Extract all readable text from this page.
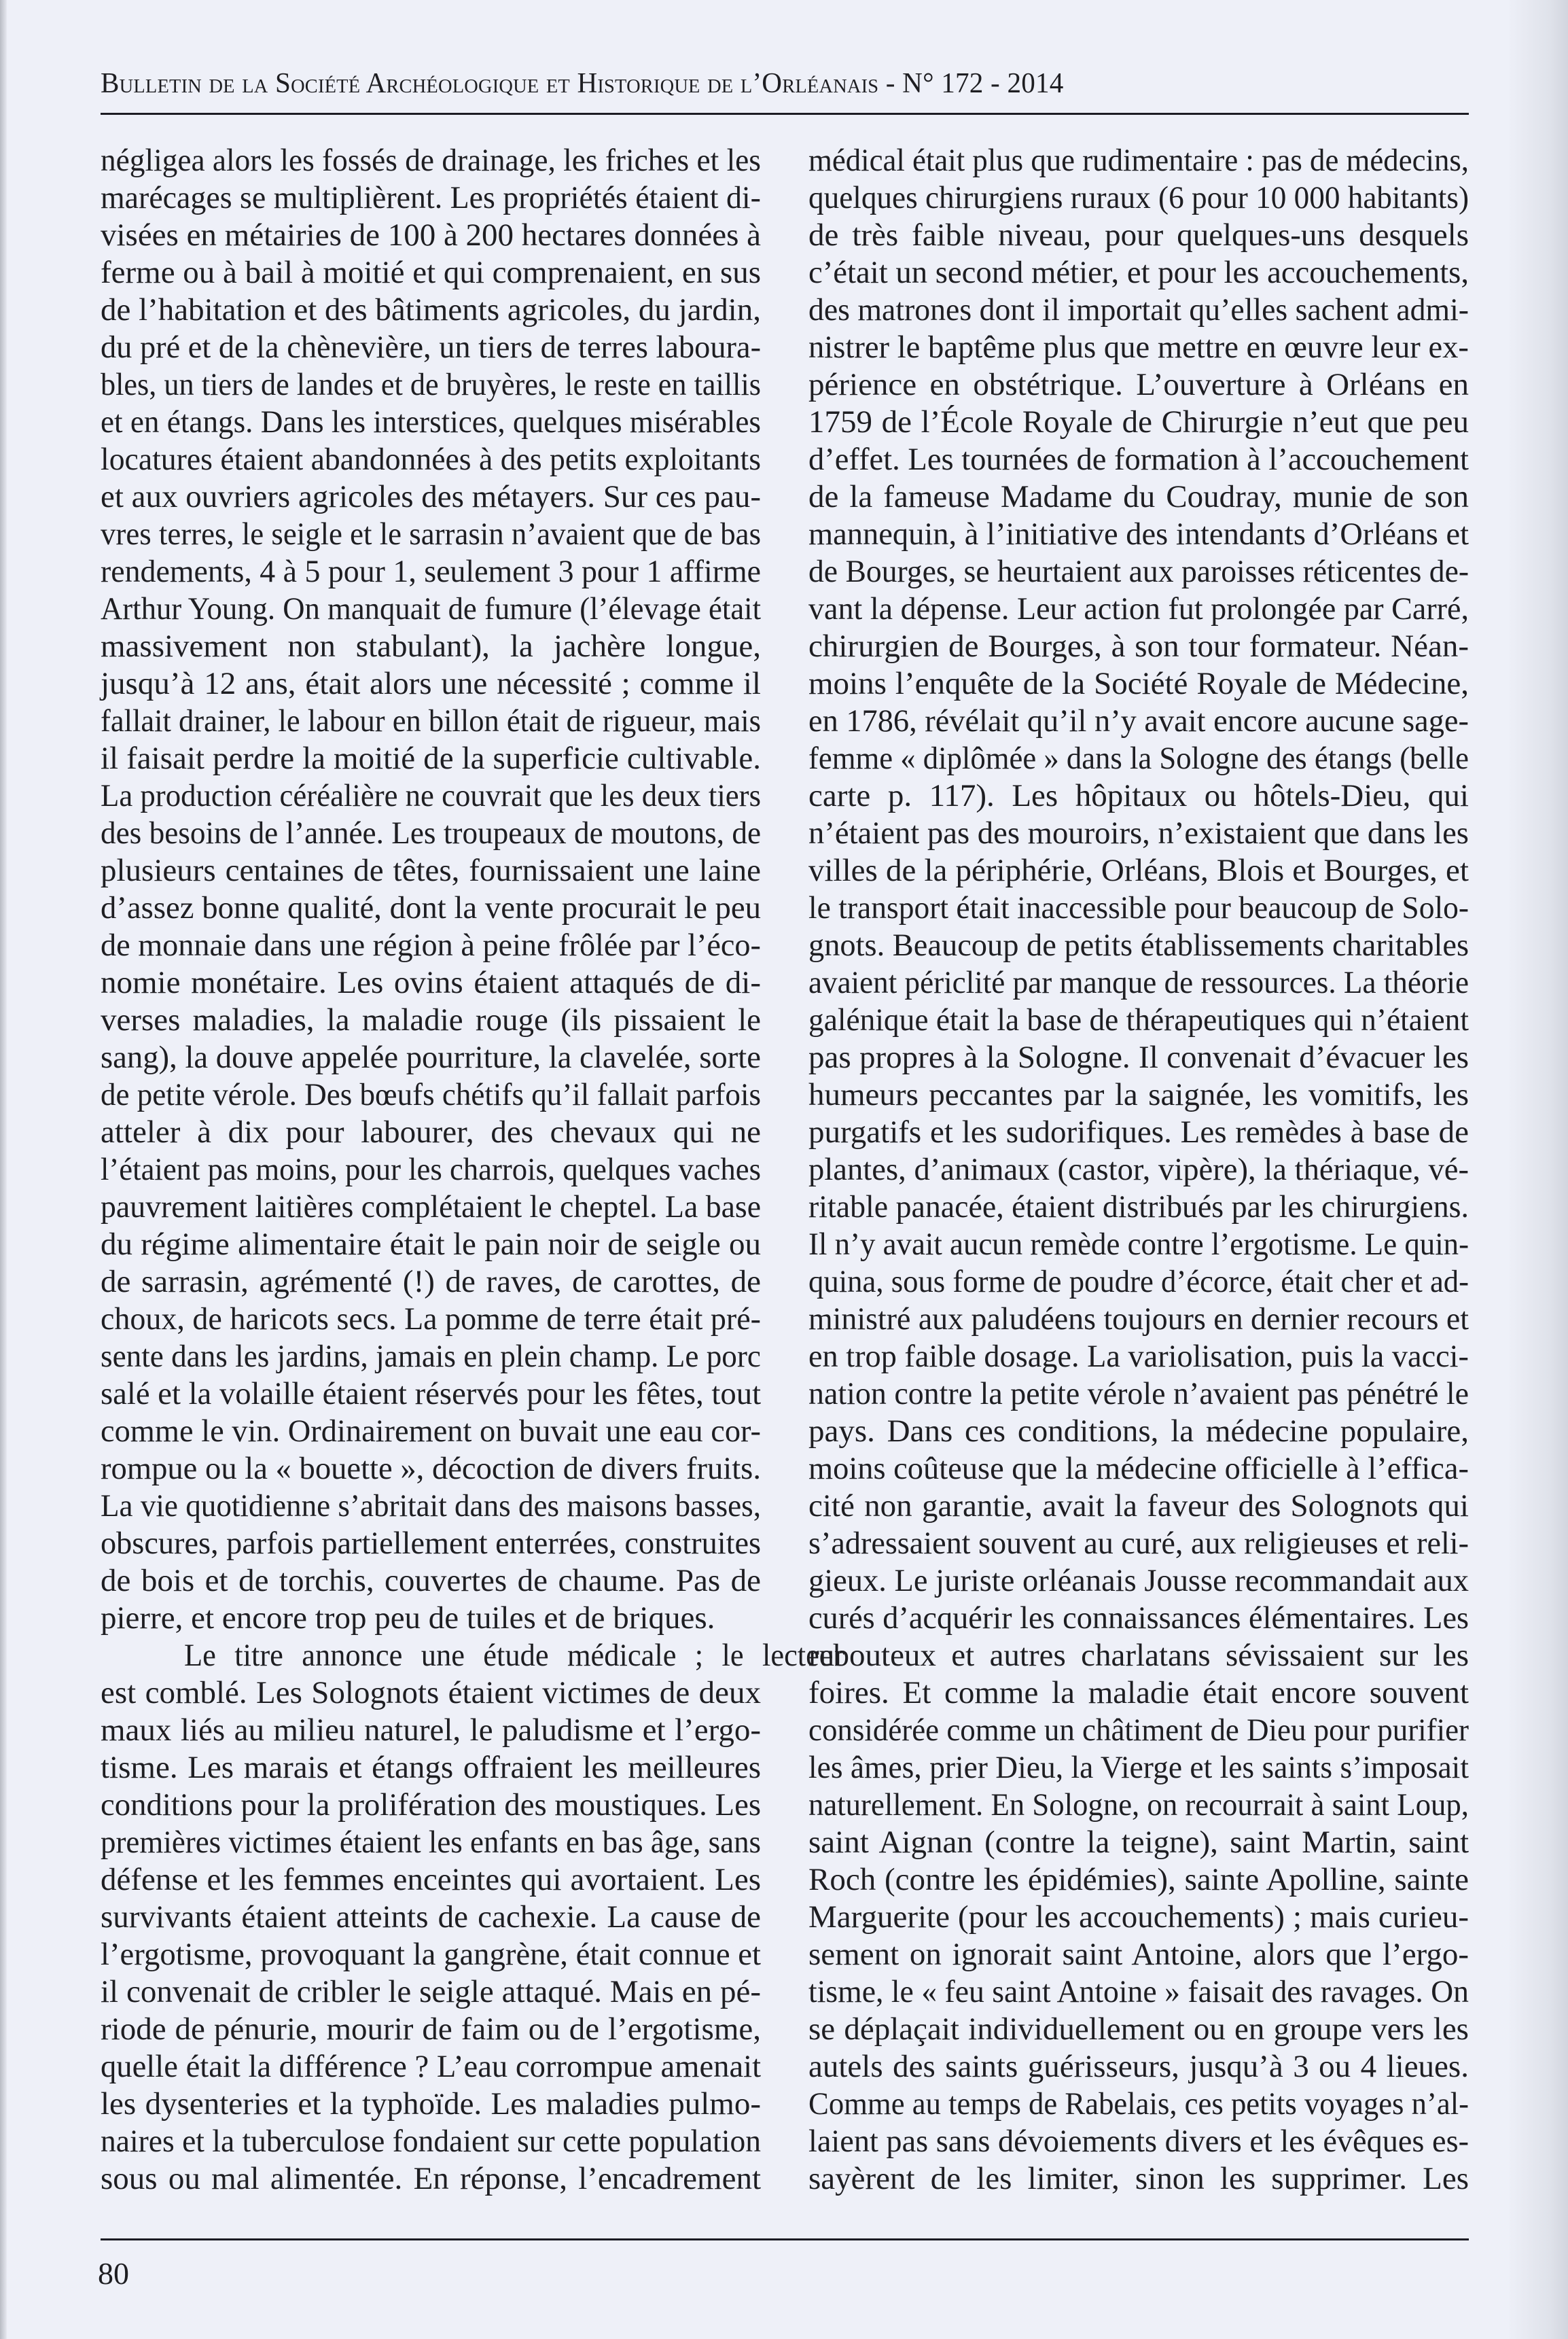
Bulletin de la Société Archéologique et Historique de l’Orléanais - N° 172 - 2014
négligea alors les fossés de drainage, les friches et les
marécages se multiplièrent. Les propriétés étaient di-
visées en métairies de 100 à 200 hectares données à
ferme ou à bail à moitié et qui comprenaient, en sus
de l’habitation et des bâtiments agricoles, du jardin,
du pré et de la chènevière, un tiers de terres laboura-
bles, un tiers de landes et de bruyères, le reste en taillis
et en étangs. Dans les interstices, quelques misérables
locatures étaient abandonnées à des petits exploitants
et aux ouvriers agricoles des métayers. Sur ces pau-
vres terres, le seigle et le sarrasin n’avaient que de bas
rendements, 4 à 5 pour 1, seulement 3 pour 1 affirme
Arthur Young. On manquait de fumure (l’élevage était
massivement non stabulant), la jachère longue,
jusqu’à 12 ans, était alors une nécessité ; comme il
fallait drainer, le labour en billon était de rigueur, mais
il faisait perdre la moitié de la superficie cultivable.
La production céréalière ne couvrait que les deux tiers
des besoins de l’année. Les troupeaux de moutons, de
plusieurs centaines de têtes, fournissaient une laine
d’assez bonne qualité, dont la vente procurait le peu
de monnaie dans une région à peine frôlée par l’éco-
nomie monétaire. Les ovins étaient attaqués de di-
verses maladies, la maladie rouge (ils pissaient le
sang), la douve appelée pourriture, la clavelée, sorte
de petite vérole. Des bœufs chétifs qu’il fallait parfois
atteler à dix pour labourer, des chevaux qui ne
l’étaient pas moins, pour les charrois, quelques vaches
pauvrement laitières complétaient le cheptel. La base
du régime alimentaire était le pain noir de seigle ou
de sarrasin, agrémenté (!) de raves, de carottes, de
choux, de haricots secs. La pomme de terre était pré-
sente dans les jardins, jamais en plein champ. Le porc
salé et la volaille étaient réservés pour les fêtes, tout
comme le vin. Ordinairement on buvait une eau cor-
rompue ou la « bouette », décoction de divers fruits.
La vie quotidienne s’abritait dans des maisons basses,
obscures, parfois partiellement enterrées, construites
de bois et de torchis, couvertes de chaume. Pas de
pierre, et encore trop peu de tuiles et de briques.
Le titre annonce une étude médicale ; le lecteur
est comblé. Les Solognots étaient victimes de deux
maux liés au milieu naturel, le paludisme et l’ergo-
tisme. Les marais et étangs offraient les meilleures
conditions pour la prolifération des moustiques. Les
premières victimes étaient les enfants en bas âge, sans
défense et les femmes enceintes qui avortaient. Les
survivants étaient atteints de cachexie. La cause de
l’ergotisme, provoquant la gangrène, était connue et
il convenait de cribler le seigle attaqué. Mais en pé-
riode de pénurie, mourir de faim ou de l’ergotisme,
quelle était la différence ? L’eau corrompue amenait
les dysenteries et la typhoïde. Les maladies pulmo-
naires et la tuberculose fondaient sur cette population
sous ou mal alimentée. En réponse, l’encadrement
médical était plus que rudimentaire : pas de médecins,
quelques chirurgiens ruraux (6 pour 10 000 habitants)
de très faible niveau, pour quelques-uns desquels
c’était un second métier, et pour les accouchements,
des matrones dont il importait qu’elles sachent admi-
nistrer le baptême plus que mettre en œuvre leur ex-
périence en obstétrique. L’ouverture à Orléans en
1759 de l’École Royale de Chirurgie n’eut que peu
d’effet. Les tournées de formation à l’accouchement
de la fameuse Madame du Coudray, munie de son
mannequin, à l’initiative des intendants d’Orléans et
de Bourges, se heurtaient aux paroisses réticentes de-
vant la dépense. Leur action fut prolongée par Carré,
chirurgien de Bourges, à son tour formateur. Néan-
moins l’enquête de la Société Royale de Médecine,
en 1786, révélait qu’il n’y avait encore aucune sage-
femme « diplômée » dans la Sologne des étangs (belle
carte p. 117). Les hôpitaux ou hôtels-Dieu, qui
n’étaient pas des mouroirs, n’existaient que dans les
villes de la périphérie, Orléans, Blois et Bourges, et
le transport était inaccessible pour beaucoup de Solo-
gnots. Beaucoup de petits établissements charitables
avaient périclité par manque de ressources. La théorie
galénique était la base de thérapeutiques qui n’étaient
pas propres à la Sologne. Il convenait d’évacuer les
humeurs peccantes par la saignée, les vomitifs, les
purgatifs et les sudorifiques. Les remèdes à base de
plantes, d’animaux (castor, vipère), la thériaque, vé-
ritable panacée, étaient distribués par les chirurgiens.
Il n’y avait aucun remède contre l’ergotisme. Le quin-
quina, sous forme de poudre d’écorce, était cher et ad-
ministré aux paludéens toujours en dernier recours et
en trop faible dosage. La variolisation, puis la vacci-
nation contre la petite vérole n’avaient pas pénétré le
pays. Dans ces conditions, la médecine populaire,
moins coûteuse que la médecine officielle à l’effica-
cité non garantie, avait la faveur des Solognots qui
s’adressaient souvent au curé, aux religieuses et reli-
gieux. Le juriste orléanais Jousse recommandait aux
curés d’acquérir les connaissances élémentaires. Les
rebouteux et autres charlatans sévissaient sur les
foires. Et comme la maladie était encore souvent
considérée comme un châtiment de Dieu pour purifier
les âmes, prier Dieu, la Vierge et les saints s’imposait
naturellement. En Sologne, on recourrait à saint Loup,
saint Aignan (contre la teigne), saint Martin, saint
Roch (contre les épidémies), sainte Apolline, sainte
Marguerite (pour les accouchements) ; mais curieu-
sement on ignorait saint Antoine, alors que l’ergo-
tisme, le « feu saint Antoine » faisait des ravages. On
se déplaçait individuellement ou en groupe vers les
autels des saints guérisseurs, jusqu’à 3 ou 4 lieues.
Comme au temps de Rabelais, ces petits voyages n’al-
laient pas sans dévoiements divers et les évêques es-
sayèrent de les limiter, sinon les supprimer. Les
80
